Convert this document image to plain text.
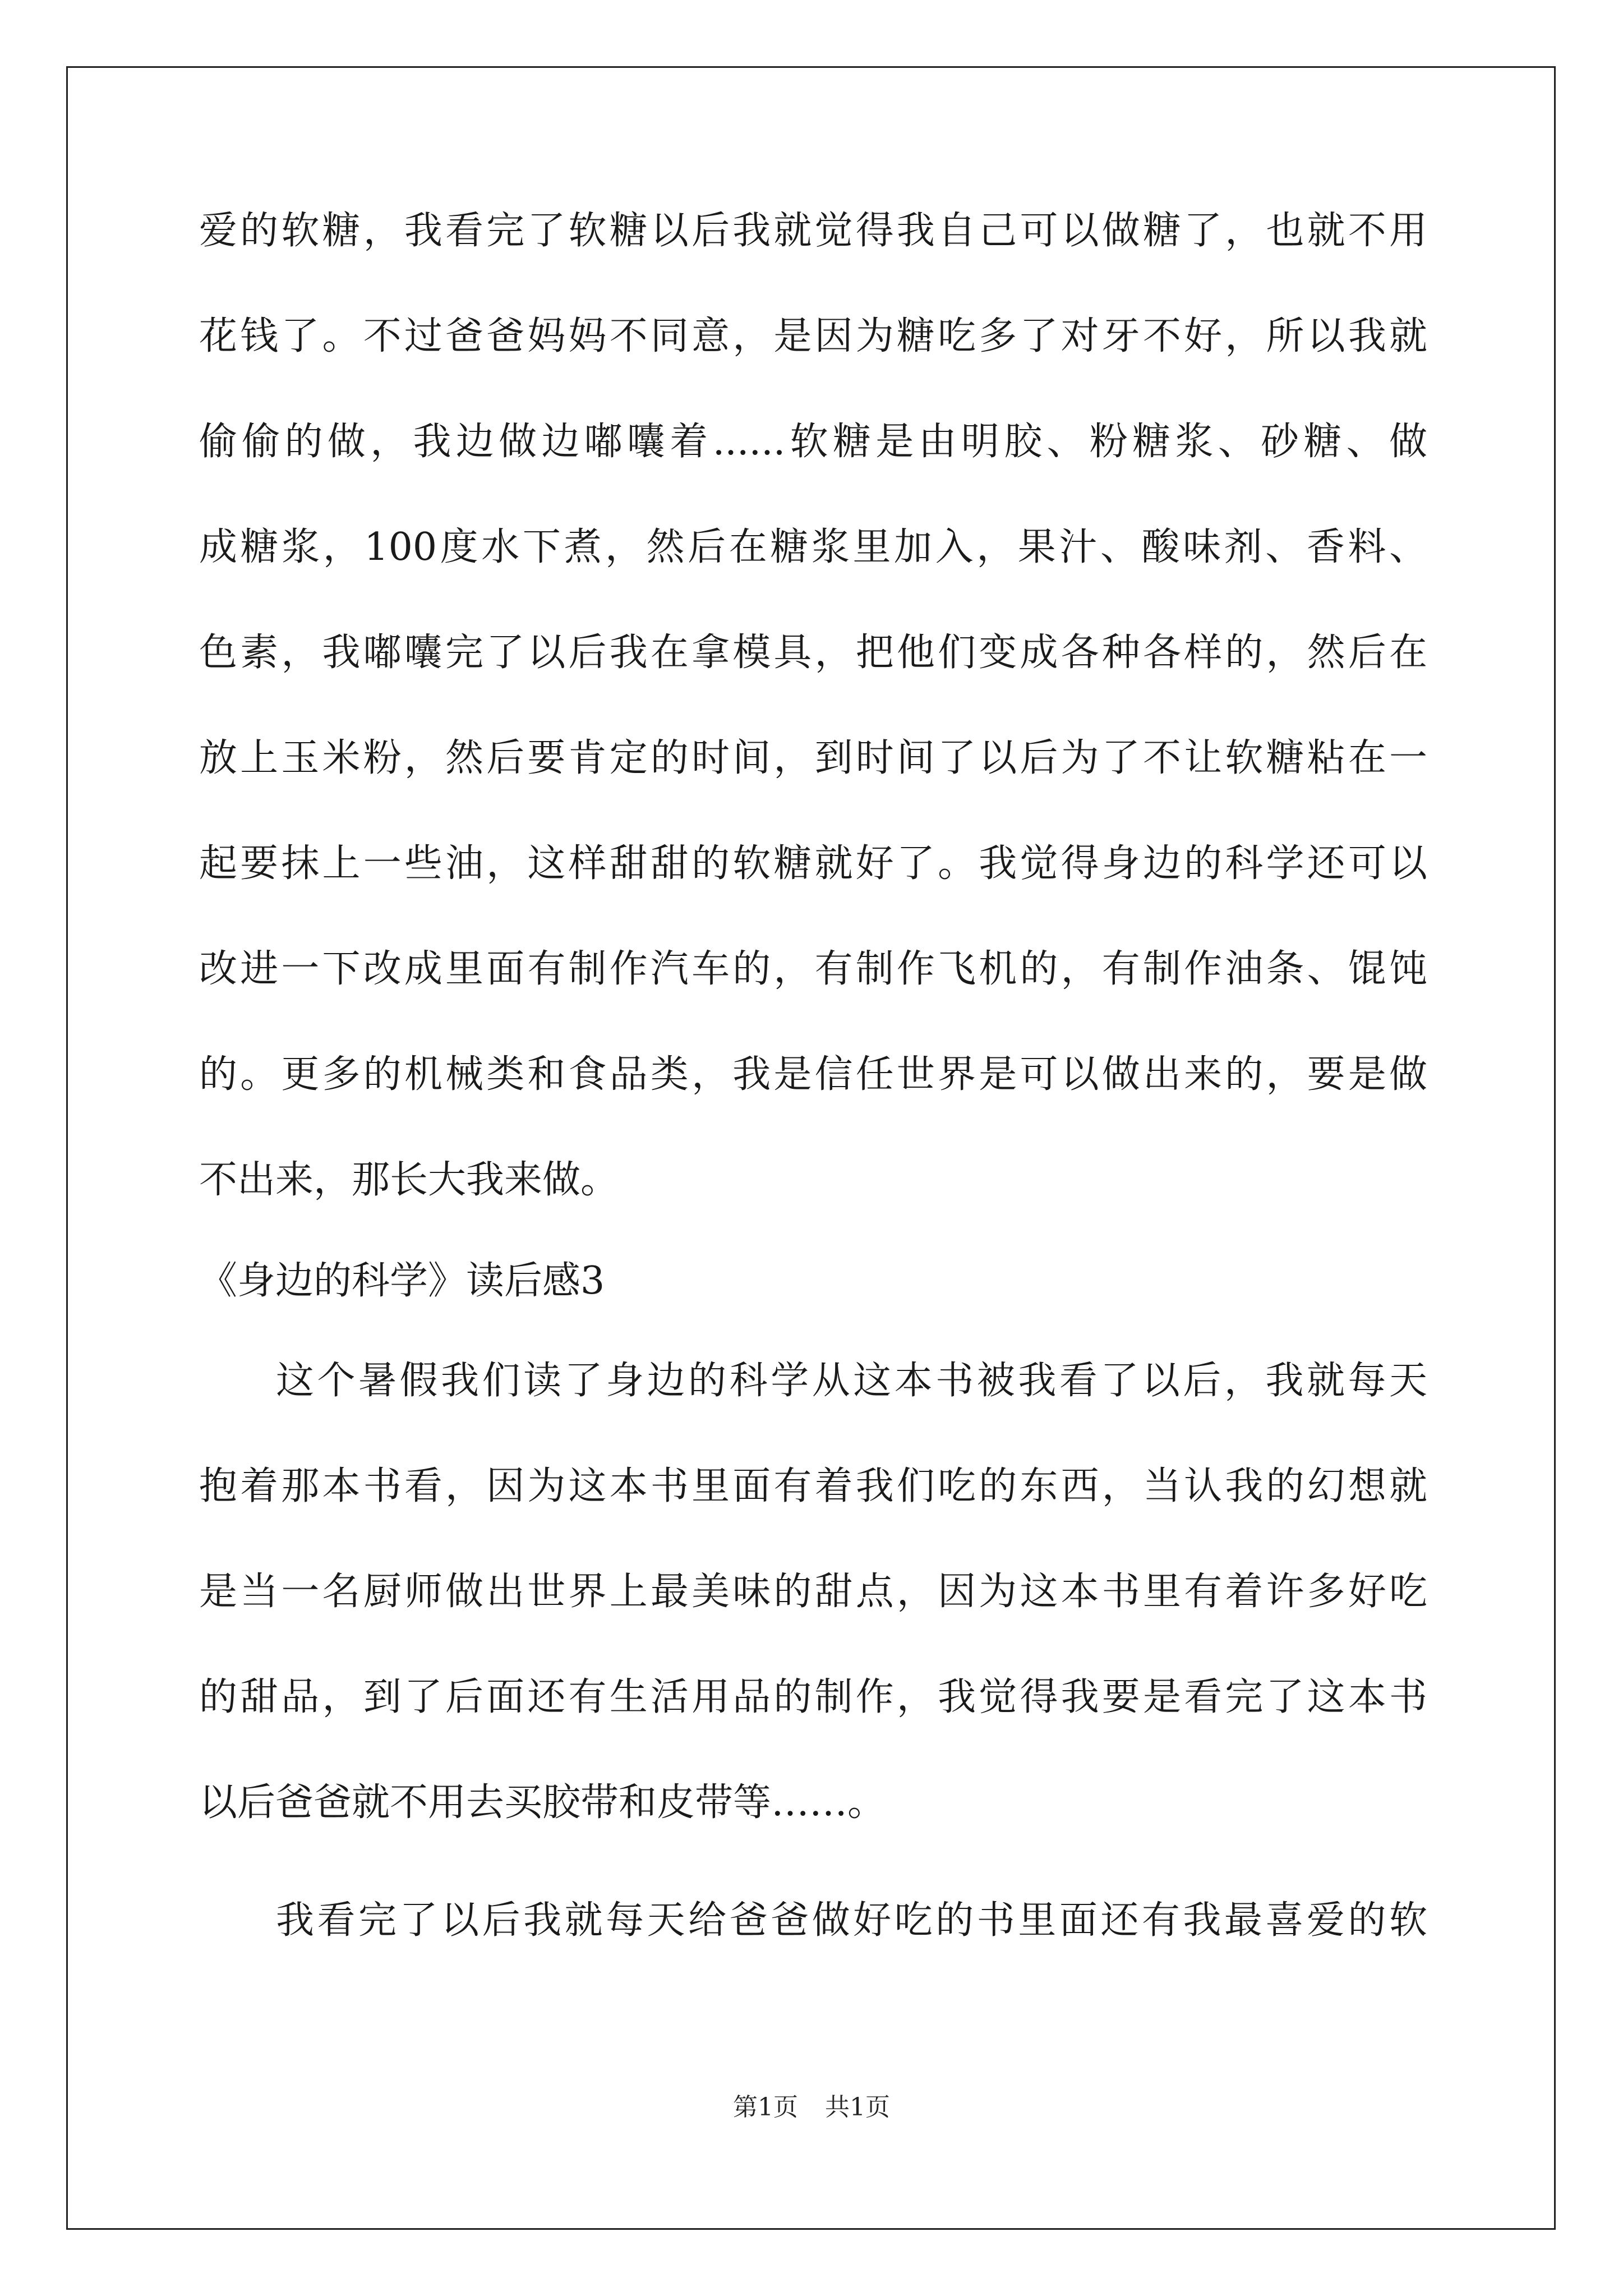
爱的软糖，我看完了软糖以后我就觉得我自己可以做糖了，也就不用
花钱了。不过爸爸妈妈不同意，是因为糖吃多了对牙不好，所以我就
偷偷的做，我边做边嘟囔着......软糖是由明胶、粉糖浆、砂糖、做
成糖浆，100度水下煮，然后在糖浆里加入，果汁、酸味剂、香料、
色素，我嘟囔完了以后我在拿模具，把他们变成各种各样的，然后在
放上玉米粉，然后要肯定的时间，到时间了以后为了不让软糖粘在一
起要抹上一些油，这样甜甜的软糖就好了。我觉得身边的科学还可以
改进一下改成里面有制作汽车的，有制作飞机的，有制作油条、馄饨
的。更多的机械类和食品类，我是信任世界是可以做出来的，要是做
不出来，那长大我来做。
《身边的科学》读后感3
这个暑假我们读了身边的科学从这本书被我看了以后，我就每天
抱着那本书看，因为这本书里面有着我们吃的东西，当认我的幻想就
是当一名厨师做出世界上最美味的甜点，因为这本书里有着许多好吃
的甜品，到了后面还有生活用品的制作，我觉得我要是看完了这本书
以后爸爸就不用去买胶带和皮带等……。
我看完了以后我就每天给爸爸做好吃的书里面还有我最喜爱的软
第1页 共1页
